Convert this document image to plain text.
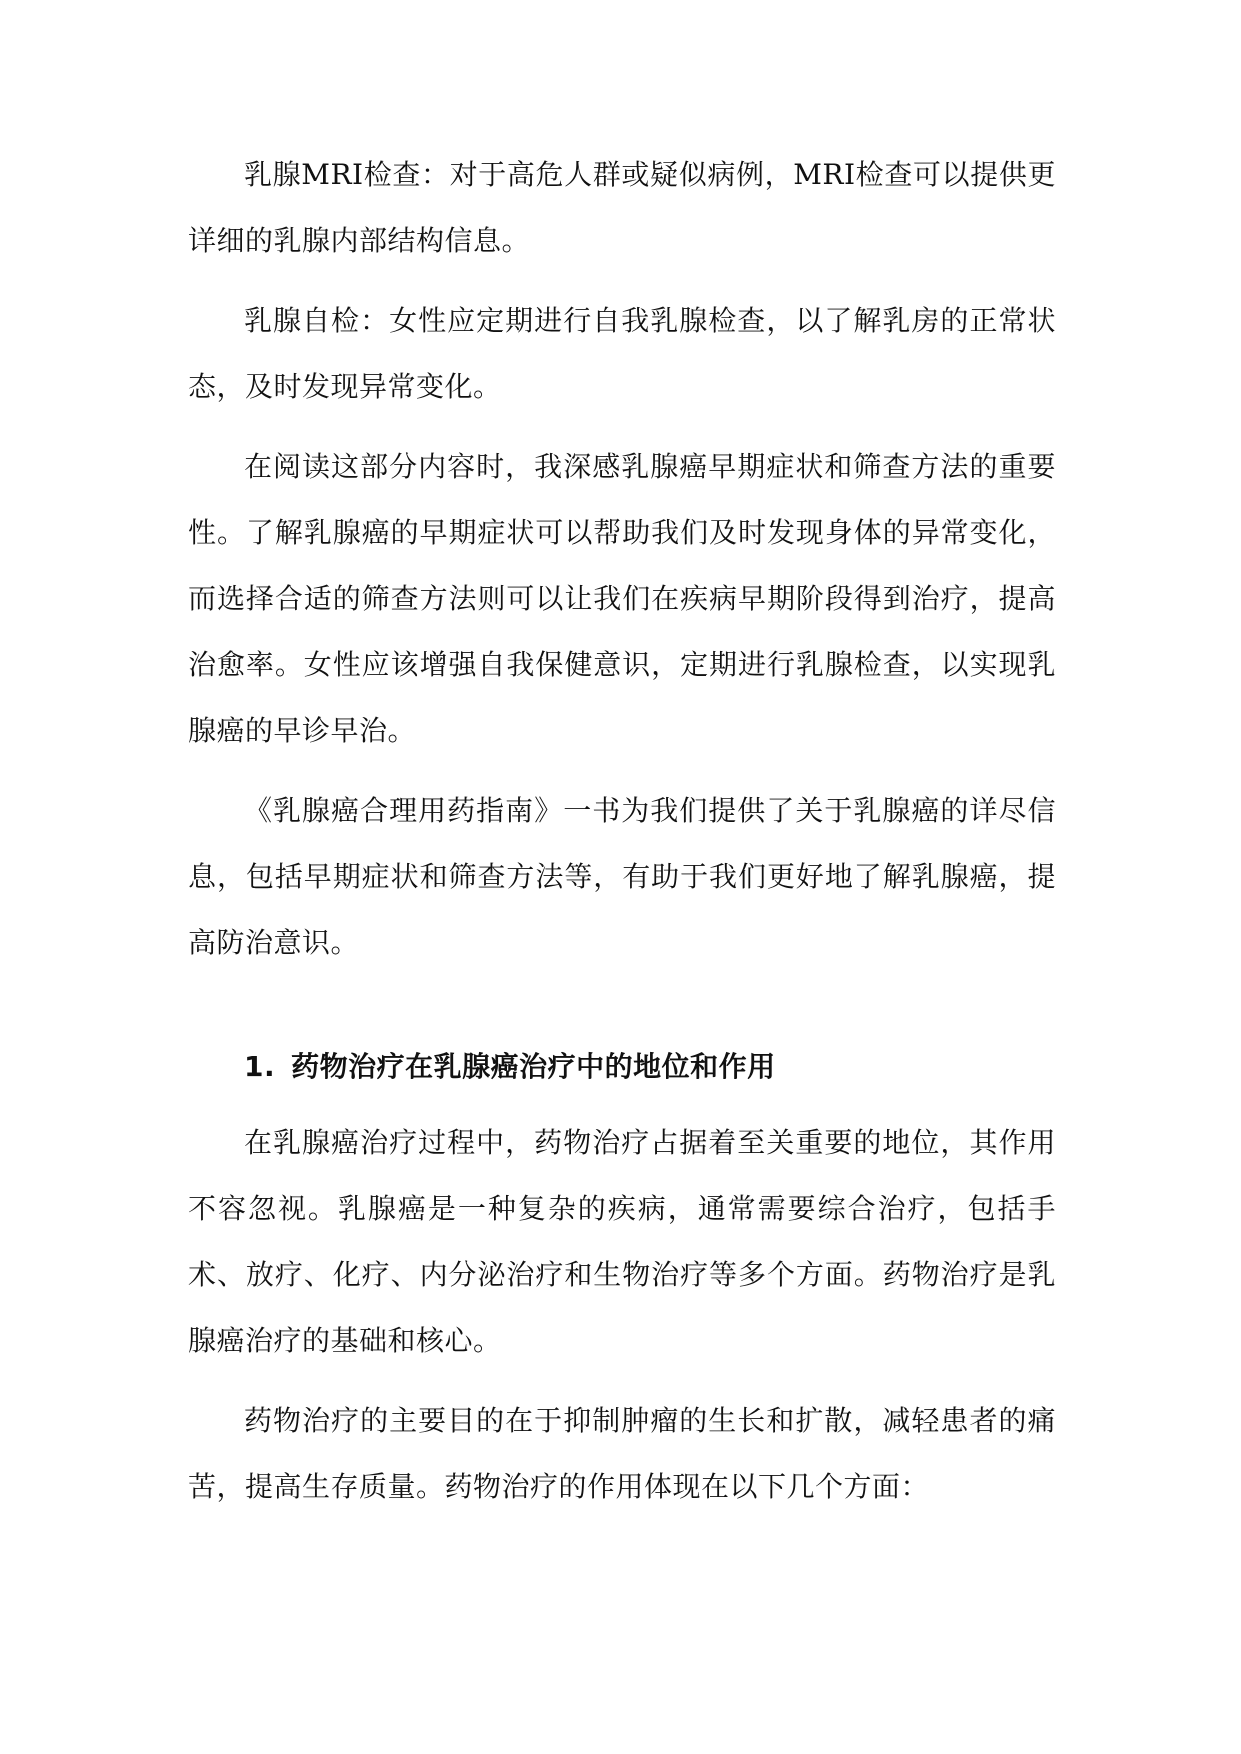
乳腺MRI检查：对于高危人群或疑似病例，MRI检查可以提供更详细的乳腺内部结构信息。

乳腺自检：女性应定期进行自我乳腺检查，以了解乳房的正常状态，及时发现异常变化。

在阅读这部分内容时，我深感乳腺癌早期症状和筛查方法的重要性。了解乳腺癌的早期症状可以帮助我们及时发现身体的异常变化，而选择合适的筛查方法则可以让我们在疾病早期阶段得到治疗，提高治愈率。女性应该增强自我保健意识，定期进行乳腺检查，以实现乳腺癌的早诊早治。

《乳腺癌合理用药指南》一书为我们提供了关于乳腺癌的详尽信息，包括早期症状和筛查方法等，有助于我们更好地了解乳腺癌，提高防治意识。

1. 药物治疗在乳腺癌治疗中的地位和作用

在乳腺癌治疗过程中，药物治疗占据着至关重要的地位，其作用不容忽视。乳腺癌是一种复杂的疾病，通常需要综合治疗，包括手术、放疗、化疗、内分泌治疗和生物治疗等多个方面。药物治疗是乳腺癌治疗的基础和核心。

药物治疗的主要目的在于抑制肿瘤的生长和扩散，减轻患者的痛苦，提高生存质量。药物治疗的作用体现在以下几个方面：
